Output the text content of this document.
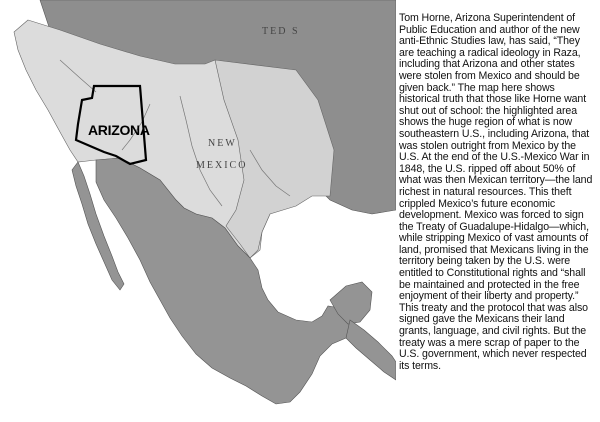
TED S
NEW
MEXICO
ARIZONA

Tom Horne, Arizona Superintendent of Public Education and author of the new anti-Ethnic Studies law, has said, “They are teaching a radical ideology in Raza, including that Arizona and other states were stolen from Mexico and should be given back.” The map here shows historical truth that those like Horne want shut out of school: the highlighted area shows the huge region of what is now southeastern U.S., including Arizona, that was stolen outright from Mexico by the U.S. At the end of the U.S.-Mexico War in 1848, the U.S. ripped off about 50% of what was then Mexican territory—the land richest in natural resources. This theft crippled Mexico’s future economic development. Mexico was forced to sign the Treaty of Guadalupe-Hidalgo—which, while stripping Mexico of vast amounts of land, promised that Mexicans living in the territory being taken by the U.S. were entitled to Constitutional rights and “shall be maintained and protected in the free enjoyment of their liberty and property.” This treaty and the protocol that was also signed gave the Mexicans their land grants, language, and civil rights. But the treaty was a mere scrap of paper to the U.S. government, which never respected its terms.
